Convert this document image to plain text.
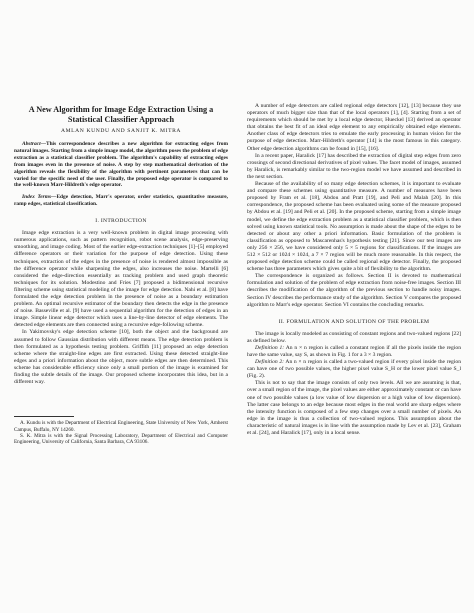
A New Algorithm for Image Edge Extraction Using a
Statistical Classifier Approach
AMLAN KUNDU AND SANJIT K. MITRA

Abstract—This correspondence describes a new algorithm for extracting edges from natural images. Starting from a simple image model, the algorithm poses the problem of edge extraction as a statistical classifier problem. The algorithm's capability of extracting edges from images even in the presence of noise. A step by step mathematical derivation of the algorithm reveals the flexibility of the algorithm with pertinent parameters that can be varied for the specific need of the user. Finally, the proposed edge operator is compared to the well-known Marr-Hildreth's edge operator.

Index Terms—Edge detection, Marr's operator, order statistics, quantitative measure, ramp edges, statistical classification.

I. INTRODUCTION

Image edge extraction is a very well-known problem in digital image processing with numerous applications, such as pattern recognition, robot scene analysis, edge-preserving smoothing, and image coding. Most of the earlier edge-extraction techniques [1]–[5] employed difference operators or their variation for the purpose of edge detection. Using these techniques, extraction of the edges in the presence of noise is rendered almost impossible as the difference operator while sharpening the edges, also increases the noise. Martelli [6] considered the edge-direction essentially as tracking problem and used graph theoretic techniques for its solution. Modestino and Fries [7] proposed a bidimensional recursive filtering scheme using statistical modeling of the image for edge detection. Nahi et al. [8] have formulated the edge detection problem in the presence of noise as a boundary estimation problem. An optimal recursive estimator of the boundary then detects the edge in the presence of noise. Basseville et al. [9] have used a sequential algorithm for the detection of edges in an image. Simple linear edge detector which uses a line-by-line detector of edge elements. The detected edge elements are then connected using a recursive edge-following scheme.

In Yakimovsky's edge detection scheme [10], both the object and the background are assumed to follow Gaussian distribution with different means. The edge detection problem is then formulated as a hypothesis testing problem. Griffith [11] proposed an edge detection scheme where the straight-line edges are first extracted. Using these detected straight-line edges and a priori information about the object, more subtle edges are then determined. This scheme has considerable efficiency since only a small portion of the image is examined for finding the subtle details of the image. Our proposed scheme incorporates this idea, but in a different way.

A. Kundu is with the Department of Electrical Engineering, State University of New York, Amherst Campus, Buffalo, NY 14260.
S. K. Mitra is with the Signal Processing Laboratory, Department of Electrical and Computer Engineering, University of California, Santa Barbara, CA 93106.

A number of edge detectors are called regional edge detectors [12], [13] because they use operators of much bigger size than that of the local operators [1], [4]. Starting from a set of requirements which should be met by a local edge detector, Hueckel [13] derived an operator that obtains the best fit of an ideal edge element to any empirically obtained edge elements. Another class of edge detectors tries to emulate the early processing in human vision for the purpose of edge detection. Marr-Hildreth's operator [14] is the most famous in this category. Other edge detection algorithms can be found in [15], [16].

In a recent paper, Haralick [17] has described the extraction of digital step edges from zero crossings of second directional derivatives of pixel values. The facet model of images, assumed by Haralick, is remarkably similar to the two-region model we have assumed and described in the next section.

Because of the availability of so many edge detection schemes, it is important to evaluate and compare these schemes using quantitative measure. A number of measures have been proposed by Fram et al. [18], Abdou and Pratt [19], and Peli and Malah [20]. In this correspondence, the proposed scheme has been evaluated using some of the measure proposed by Abdou et al. [19] and Peli et al. [20]. In the proposed scheme, starting from a simple image model, we define the edge extraction problem as a statistical classifier problem, which is then solved using known statistical tools. No assumption is made about the shape of the edges to be detected or about any other a priori information. Basic formulation of the problem is classification as opposed to Mascarenhas's hypothesis testing [21]. Since our test images are only 256 × 256, we have considered only 5 × 5 regions for classifications. If the images are 512 × 512 or 1024 × 1024, a 7 × 7 region will be much more reasonable. In this respect, the proposed edge detection scheme could be called regional edge detector. Finally, the proposed scheme has three parameters which gives quite a bit of flexibility to the algorithm.

The correspondence is organized as follows. Section II is devoted to mathematical formulation and solution of the problem of edge extraction from noise-free images. Section III describes the modification of the algorithm of the previous section to handle noisy images. Section IV describes the performance study of the algorithm. Section V compares the proposed algorithm to Marr's edge operator. Section VI contains the concluding remarks.

II. FORMULATION AND SOLUTION OF THE PROBLEM

The image is locally modeled as consisting of constant regions and two-valued regions [22] as defined below.

Definition 1: An n × n region is called a constant region if all the pixels inside the region have the same value, say S, as shown in Fig. 1 for a 3 × 3 region.

Definition 2: An n × n region is called a two-valued region if every pixel inside the region can have one of two possible values, the higher pixel value S_H or the lower pixel value S_l (Fig. 2).

This is not to say that the image consists of only two levels. All we are assuming is that, over a small region of the image, the pixel values are either approximately constant or can have one of two possible values (a low value of low dispersion or a high value of low dispersion). The latter case belongs to an edge because most edges in the real world are sharp edges where the intensity function is composed of a few step changes over a small number of pixels. An edge in the image is thus a collection of two-valued regions. This assumption about the characteristic of natural images is in line with the assumption made by Lev et al. [23], Graham et al. [24], and Haralick [17], only in a local sense.
